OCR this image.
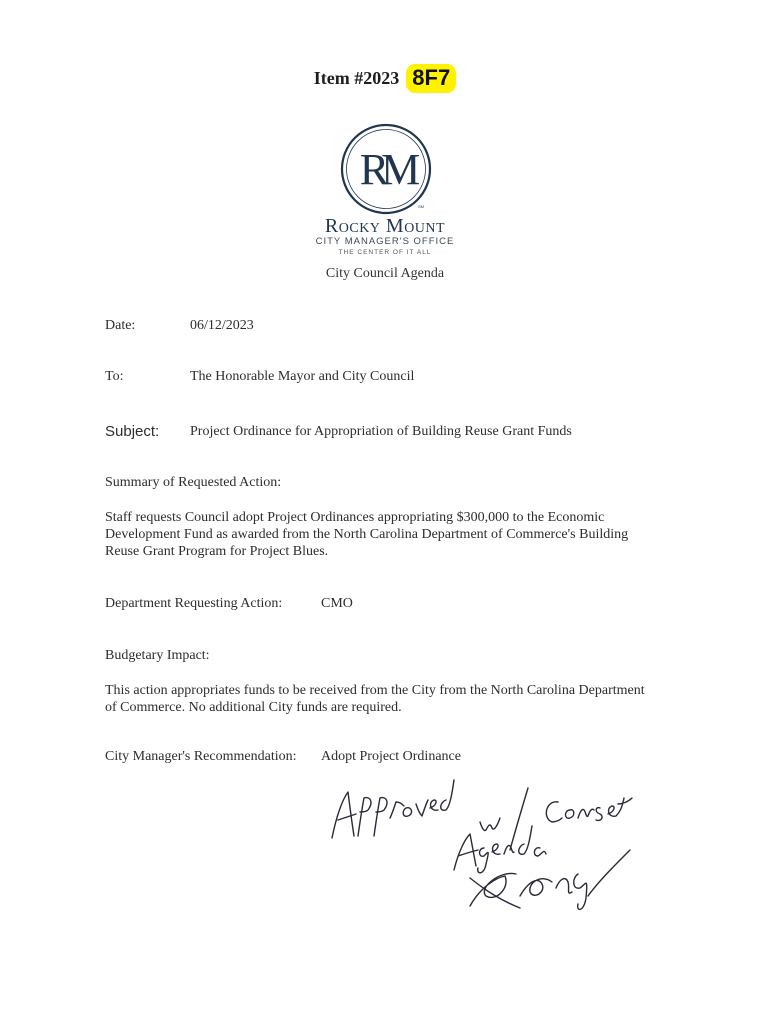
Item #2023 8F7
RM
SM
Rocky Mount
CITY MANAGER'S OFFICE
THE CENTER OF IT ALL
City Council Agenda
Date:	06/12/2023
To:	The Honorable Mayor and City Council
Subject: Project Ordinance for Appropriation of Building Reuse Grant Funds
Summary of Requested Action:
Staff requests Council adopt Project Ordinances appropriating $300,000 to the Economic
Development Fund as awarded from the North Carolina Department of Commerce's Building
Reuse Grant Program for Project Blues.
Department Requesting Action:	CMO
Budgetary Impact:
This action appropriates funds to be received from the City from the North Carolina Department
of Commerce. No additional City funds are required.
City Manager's Recommendation: Adopt Project Ordinance
